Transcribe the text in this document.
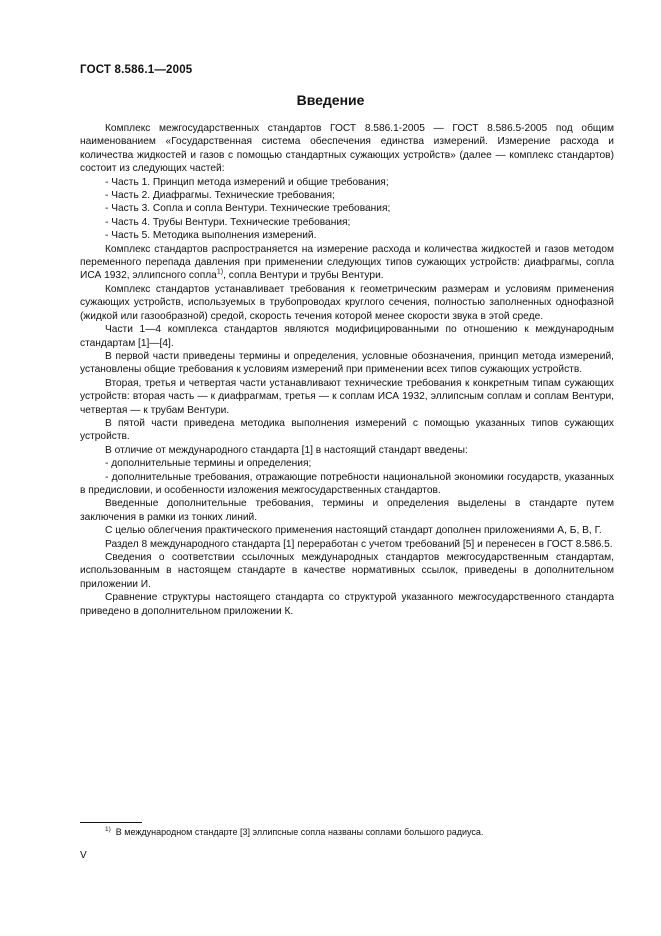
ГОСТ 8.586.1—2005
Введение

Комплекс межгосударственных стандартов ГОСТ 8.586.1-2005 — ГОСТ 8.586.5-2005 под общим наименованием «Государственная система обеспечения единства измерений. Измерение расхода и количества жидкостей и газов с помощью стандартных сужающих устройств» (далее — комплекс стандартов) состоит из следующих частей:

- Часть 1. Принцип метода измерений и общие требования;

- Часть 2. Диафрагмы. Технические требования;

- Часть 3. Сопла и сопла Вентури. Технические требования;

- Часть 4. Трубы Вентури. Технические требования;

- Часть 5. Методика выполнения измерений.

Комплекс стандартов распространяется на измерение расхода и количества жидкостей и газов методом переменного перепада давления при применении следующих типов сужающих устройств: диафрагмы, сопла ИСА 1932, эллипсного сопла$^{1)}$, сопла Вентури и трубы Вентури.

Комплекс стандартов устанавливает требования к геометрическим размерам и условиям применения сужающих устройств, используемых в трубопроводах круглого сечения, полностью заполненных однофазной (жидкой или газообразной) средой, скорость течения которой менее скорости звука в этой среде.

Части 1—4 комплекса стандартов являются модифицированными по отношению к международным стандартам [1]—[4].

В первой части приведены термины и определения, условные обозначения, принцип метода измерений, установлены общие требования к условиям измерений при применении всех типов сужающих устройств.

Вторая, третья и четвертая части устанавливают технические требования к конкретным типам сужающих устройств: вторая часть — к диафрагмам, третья — к соплам ИСА 1932, эллипсным соплам и соплам Вентури, четвертая — к трубам Вентури.

В пятой части приведена методика выполнения измерений с помощью указанных типов сужающих устройств.

В отличие от международного стандарта [1] в настоящий стандарт введены:

- дополнительные термины и определения;

- дополнительные требования, отражающие потребности национальной экономики государств, указанных в предисловии, и особенности изложения межгосударственных стандартов.

Введенные дополнительные требования, термины и определения выделены в стандарте путем заключения в рамки из тонких линий.

С целью облегчения практического применения настоящий стандарт дополнен приложениями А, Б, В, Г.

Раздел 8 международного стандарта [1] переработан с учетом требований [5] и перенесен в ГОСТ 8.586.5.

Сведения о соответствии ссылочных международных стандартов межгосударственным стандартам, использованным в настоящем стандарте в качестве нормативных ссылок, приведены в дополнительном приложении И.

Сравнение структуры настоящего стандарта со структурой указанного межгосударственного стандарта приведено в дополнительном приложении К.

$^{1)}$ В международном стандарте [3] эллипсные сопла названы соплами большого радиуса.
V
